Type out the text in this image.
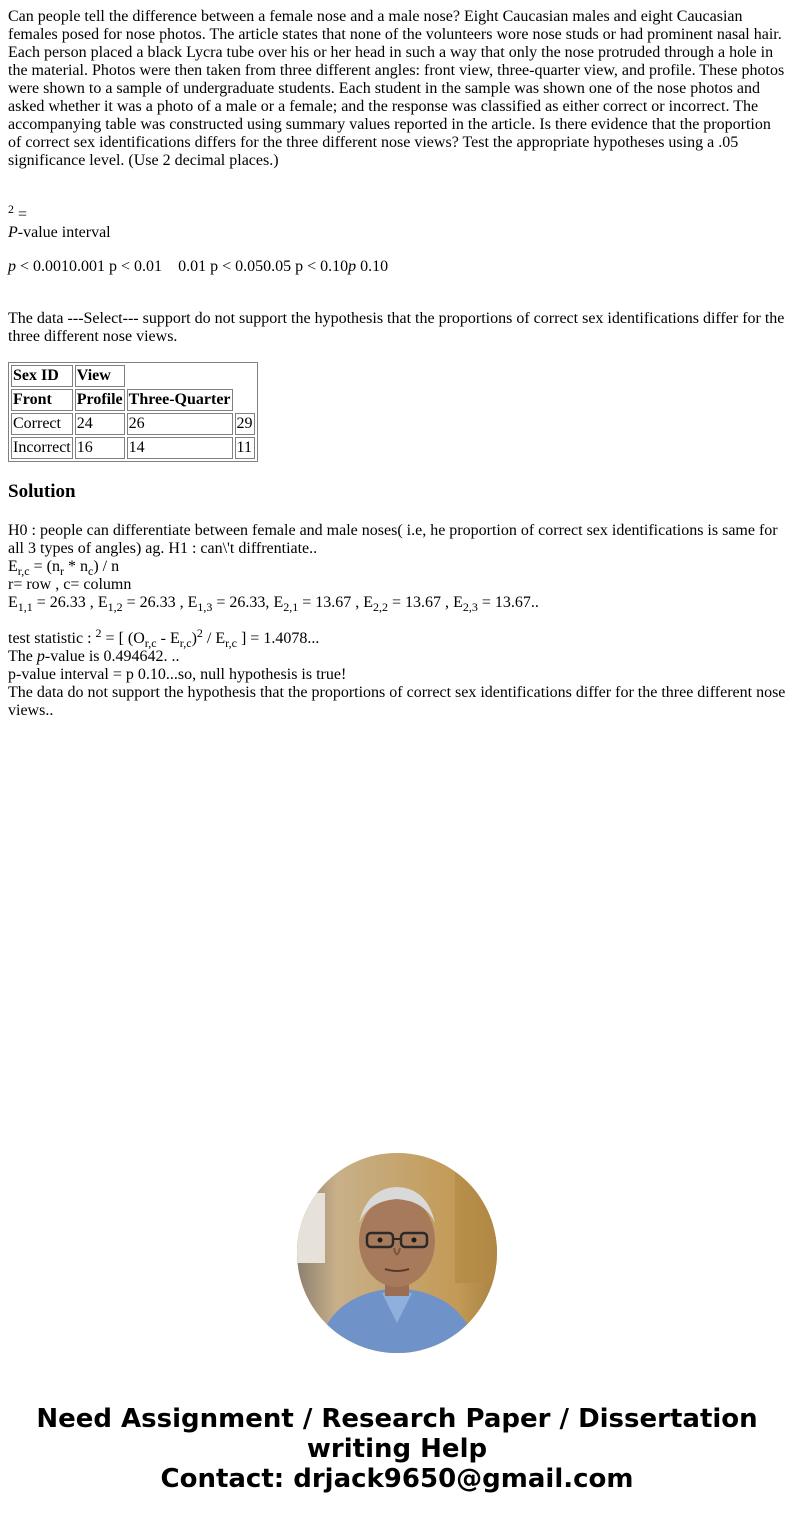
Can people tell the difference between a female nose and a male nose? Eight Caucasian males and eight Caucasian females posed for nose photos. The article states that none of the volunteers wore nose studs or had prominent nasal hair. Each person placed a black Lycra tube over his or her head in such a way that only the nose protruded through a hole in the material. Photos were then taken from three different angles: front view, three-quarter view, and profile. These photos were shown to a sample of undergraduate students. Each student in the sample was shown one of the nose photos and asked whether it was a photo of a male or a female; and the response was classified as either correct or incorrect. The accompanying table was constructed using summary values reported in the article. Is there evidence that the proportion of correct sex identifications differs for the three different nose views? Test the appropriate hypotheses using a .05 significance level. (Use 2 decimal places.)

$^2$ =

P-value interval

p < 0.0010.001 p < 0.01    0.01 p < 0.050.05 p < 0.10p 0.10

The data ---Select--- support do not support the hypothesis that the proportions of correct sex identifications differ for the three different nose views.

Sex ID	View		
Front	Profile	Three-Quarter	
Correct	24	26	29
Incorrect	16	14	11
Solution

H0 : people can differentiate between female and male noses( i.e, he proportion of correct sex identifications is same for all 3 types of angles) ag. H1 : can\'t diffrentiate..

$E_{r,c} = (n_r * n_c) / n$

r= row , c= column

$E_{1,1} = 26.33$ , $E_{1,2} = 26.33$ , $E_{1,3} = 26.33$, $E_{2,1} = 13.67$ , $E_{2,2} = 13.67$ , $E_{2,3} = 13.67$..

test statistic : $^2$ = [ $(O_{r,c} - E_{r,c})^2 / E_{r,c}$ ] = 1.4078...

The p-value is 0.494642. ..

p-value interval = p 0.10...so, null hypothesis is true!

The data do not support the hypothesis that the proportions of correct sex identifications differ for the three different nose views..

Need Assignment / Research Paper / Dissertation
writing Help
Contact: drjack9650@gmail.com
